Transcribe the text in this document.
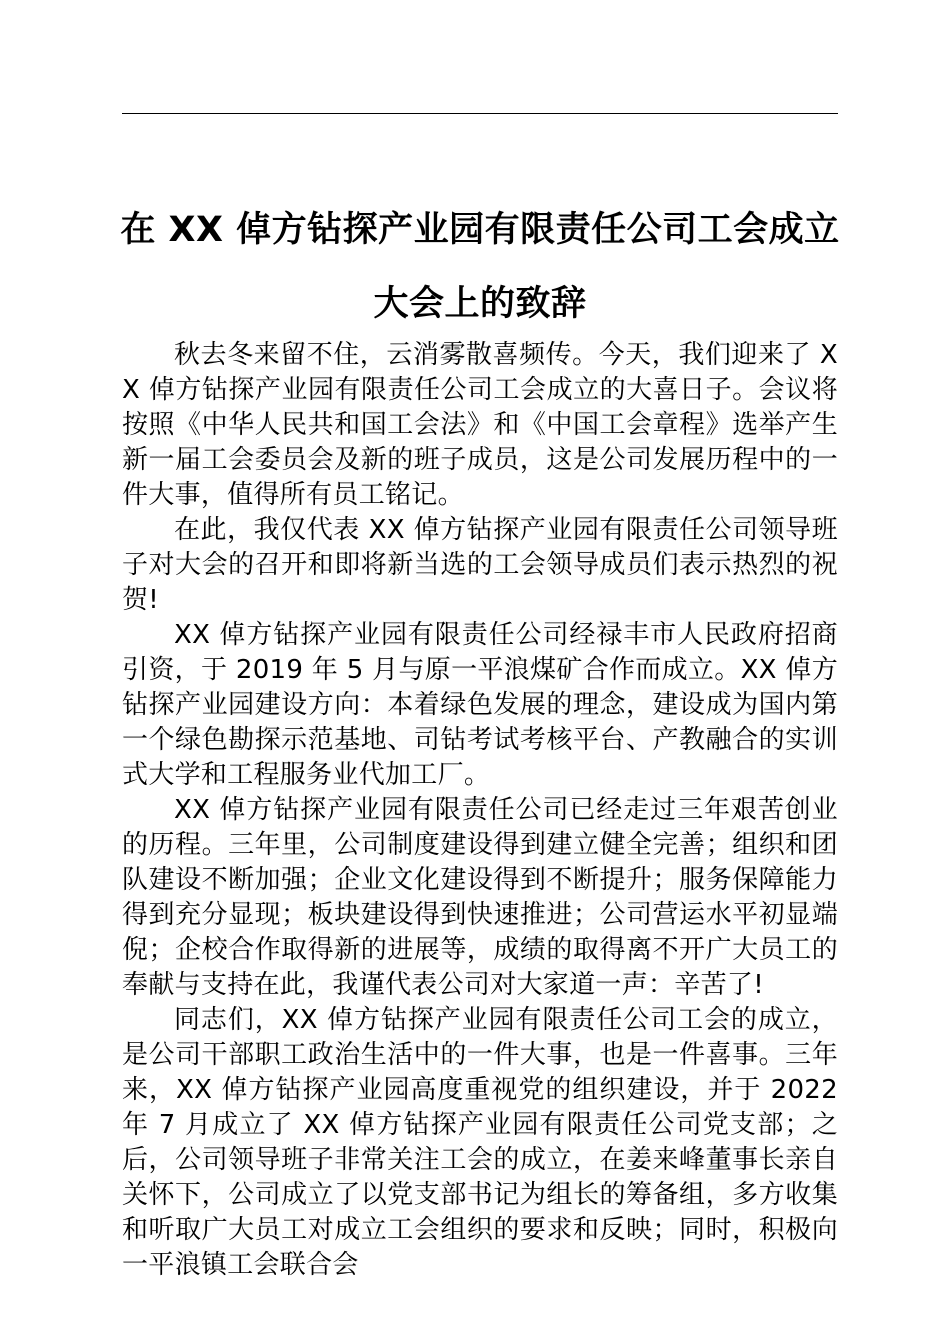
在 XX 倬方钻探产业园有限责任公司工会成立
大会上的致辞

秋去冬来留不住，云消雾散喜频传。今天，我们迎来了 XX 倬方钻探产业园有限责任公司工会成立的大喜日子。会议将按照《中华人民共和国工会法》和《中国工会章程》选举产生新一届工会委员会及新的班子成员，这是公司发展历程中的一件大事，值得所有员工铭记。

在此，我仅代表 XX 倬方钻探产业园有限责任公司领导班子对大会的召开和即将新当选的工会领导成员们表示热烈的祝贺!

XX 倬方钻探产业园有限责任公司经禄丰市人民政府招商引资，于 2019 年 5 月与原一平浪煤矿合作而成立。XX 倬方钻探产业园建设方向：本着绿色发展的理念，建设成为国内第一个绿色勘探示范基地、司钻考试考核平台、产教融合的实训式大学和工程服务业代加工厂。

XX 倬方钻探产业园有限责任公司已经走过三年艰苦创业的历程。三年里，公司制度建设得到建立健全完善；组织和团队建设不断加强；企业文化建设得到不断提升；服务保障能力得到充分显现；板块建设得到快速推进；公司营运水平初显端倪；企校合作取得新的进展等，成绩的取得离不开广大员工的奉献与支持在此，我谨代表公司对大家道一声：辛苦了!

同志们，XX 倬方钻探产业园有限责任公司工会的成立，是公司干部职工政治生活中的一件大事，也是一件喜事。三年来，XX 倬方钻探产业园高度重视党的组织建设，并于 2022 年 7 月成立了 XX 倬方钻探产业园有限责任公司党支部；之后，公司领导班子非常关注工会的成立，在姜来峰董事长亲自关怀下，公司成立了以党支部书记为组长的筹备组，多方收集和听取广大员工对成立工会组织的要求和反映；同时，积极向一平浪镇工会联合会
